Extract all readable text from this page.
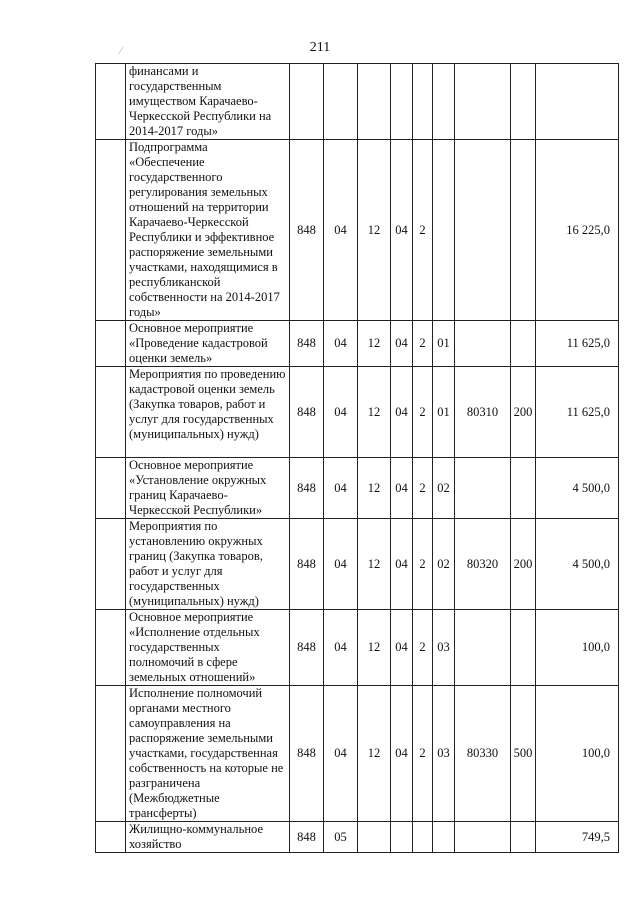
211
⁄
	финансами и государственным имуществом Карачаево-Черкесской Республики на 2014-2017 годы»									
	Подпрограмма «Обеспечение государственного регулирования земельных отношений на территории Карачаево-Черкесской Республики и эффективное распоряжение земельными участками, находящимися в республиканской собственности на 2014-2017 годы»	848	04	12	04	2				16 225,0
	Основное мероприятие «Проведение кадастровой оценки земель»	848	04	12	04	2	01			11 625,0
	Мероприятия по проведению кадастровой оценки земель (Закупка товаров, работ и услуг для государственных (муниципальных) нужд)	848	04	12	04	2	01	80310	200	11 625,0
	Основное мероприятие «Установление окружных границ Карачаево-Черкесской Республики»	848	04	12	04	2	02			4 500,0
	Мероприятия по установлению окружных границ (Закупка товаров, работ и услуг для государственных (муниципальных) нужд)	848	04	12	04	2	02	80320	200	4 500,0
	Основное мероприятие «Исполнение отдельных государственных полномочий в сфере земельных отношений»	848	04	12	04	2	03			100,0
	Исполнение полномочий органами местного самоуправления на распоряжение земельными участками, государственная собственность на которые не разграничена (Межбюджетные трансферты)	848	04	12	04	2	03	80330	500	100,0
	Жилищно-коммунальное хозяйство	848	05							749,5
